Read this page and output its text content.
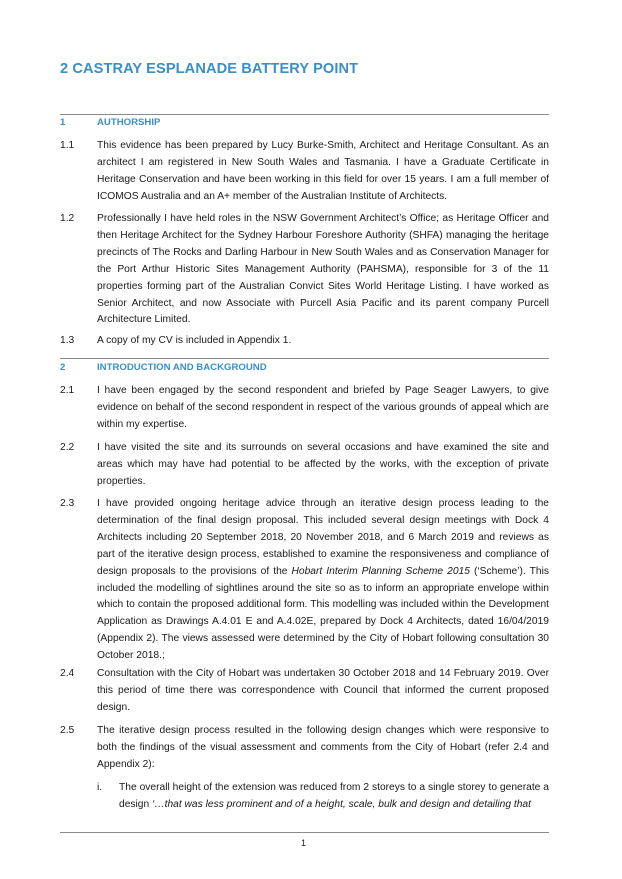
2 CASTRAY ESPLANADE BATTERY POINT
1	AUTHORSHIP
1.1 This evidence has been prepared by Lucy Burke-Smith, Architect and Heritage Consultant. As an architect I am registered in New South Wales and Tasmania. I have a Graduate Certificate in Heritage Conservation and have been working in this field for over 15 years. I am a full member of ICOMOS Australia and an A+ member of the Australian Institute of Architects.
1.2 Professionally I have held roles in the NSW Government Architect’s Office; as Heritage Officer and then Heritage Architect for the Sydney Harbour Foreshore Authority (SHFA) managing the heritage precincts of The Rocks and Darling Harbour in New South Wales and as Conservation Manager for the Port Arthur Historic Sites Management Authority (PAHSMA), responsible for 3 of the 11 properties forming part of the Australian Convict Sites World Heritage Listing. I have worked as Senior Architect, and now Associate with Purcell Asia Pacific and its parent company Purcell Architecture Limited.
1.3 A copy of my CV is included in Appendix 1.
2	INTRODUCTION AND BACKGROUND
2.1 I have been engaged by the second respondent and briefed by Page Seager Lawyers, to give evidence on behalf of the second respondent in respect of the various grounds of appeal which are within my expertise.
2.2 I have visited the site and its surrounds on several occasions and have examined the site and areas which may have had potential to be affected by the works, with the exception of private properties.
2.3 I have provided ongoing heritage advice through an iterative design process leading to the determination of the final design proposal. This included several design meetings with Dock 4 Architects including 20 September 2018, 20 November 2018, and 6 March 2019 and reviews as part of the iterative design process, established to examine the responsiveness and compliance of design proposals to the provisions of the Hobart Interim Planning Scheme 2015 (‘Scheme’). This included the modelling of sightlines around the site so as to inform an appropriate envelope within which to contain the proposed additional form. This modelling was included within the Development Application as Drawings A.4.01 E and A.4.02E, prepared by Dock 4 Architects, dated 16/04/2019 (Appendix 2). The views assessed were determined by the City of Hobart following consultation 30 October 2018.;
2.4 Consultation with the City of Hobart was undertaken 30 October 2018 and 14 February 2019. Over this period of time there was correspondence with Council that informed the current proposed design.
2.5 The iterative design process resulted in the following design changes which were responsive to both the findings of the visual assessment and comments from the City of Hobart (refer 2.4 and Appendix 2):
i. The overall height of the extension was reduced from 2 storeys to a single storey to generate a design ‘…that was less prominent and of a height, scale, bulk and design and detailing that
1
